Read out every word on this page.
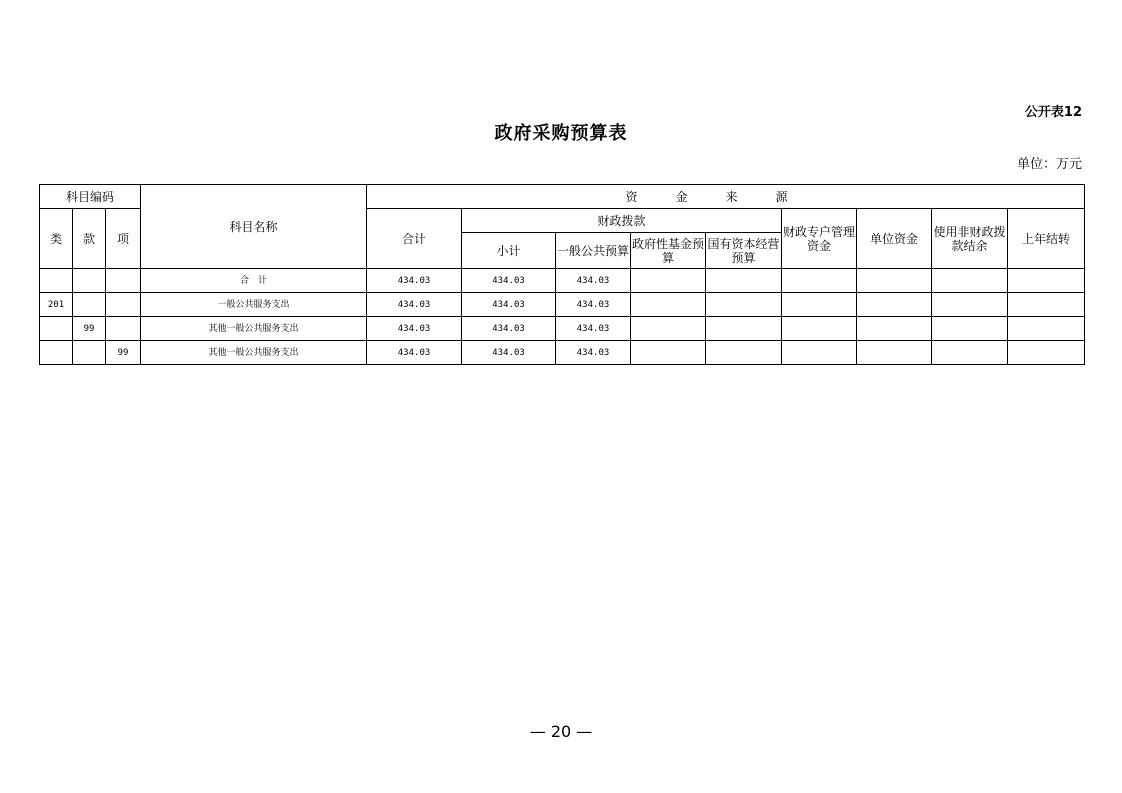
公开表12
政府采购预算表
单位：万元
科目编码			科目名称	资金来源								
类	款	项		合计	财政拨款				财政专户管理资金	单位资金	使用非财政拨款结余	上年结转
					小计	一般公共预算	政府性基金预算	国有资本经营预算				
			合　计	434.03	434.03	434.03						
201			一般公共服务支出	434.03	434.03	434.03						
	99		其他一般公共服务支出	434.03	434.03	434.03						
		99	其他一般公共服务支出	434.03	434.03	434.03						
— 20 —
